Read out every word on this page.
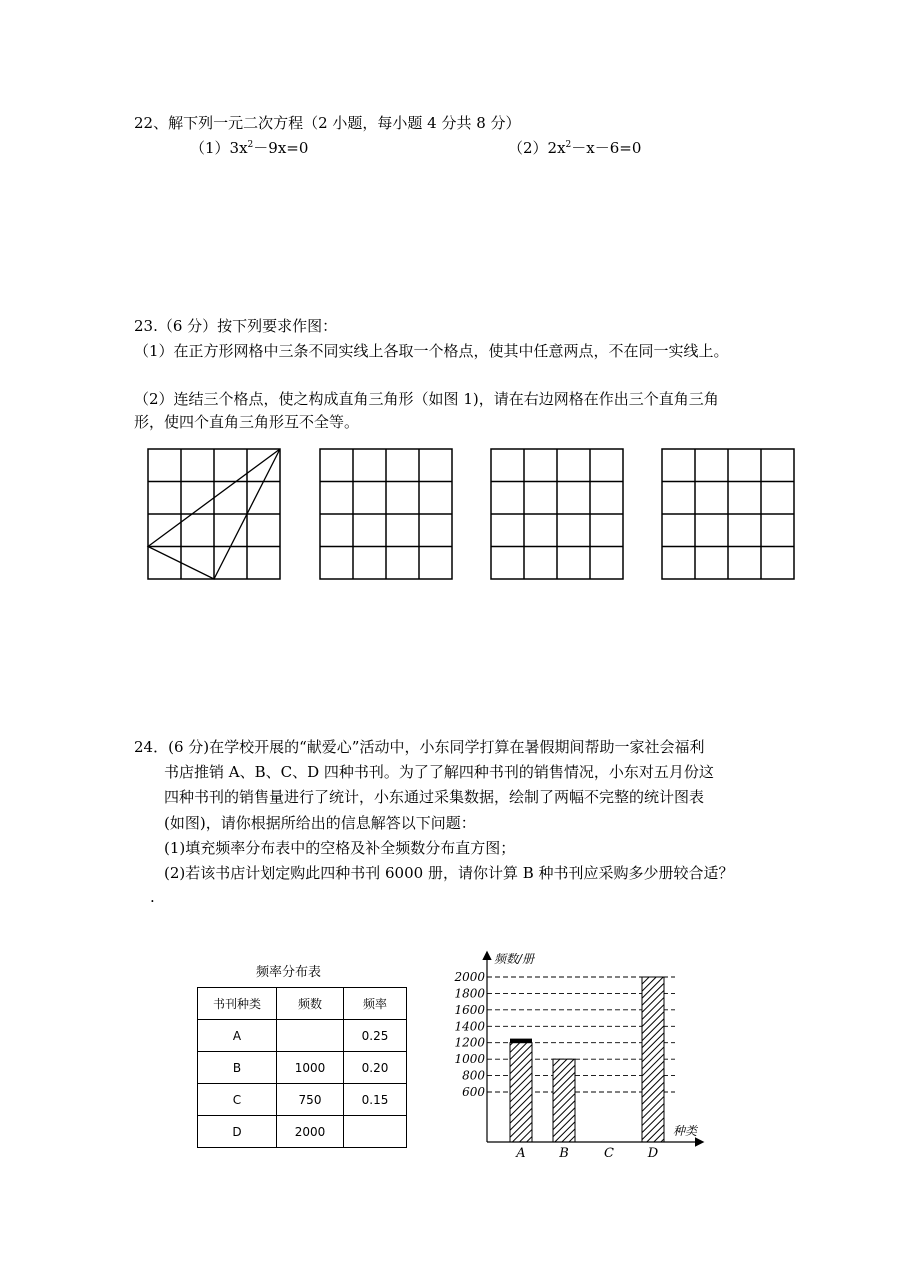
22、解下列一元二次方程（2 小题，每小题 4 分共 8 分）
$(1)3x^2-9x=0$	$(2)2x^2-x-6=0$
23.（6 分）按下列要求作图：
（1）在正方形网格中三条不同实线上各取一个格点，使其中任意两点，不在同一实线上。
（2）连结三个格点，使之构成直角三角形（如图 1)，请在右边网格在作出三个直角三角
形，使四个直角三角形互不全等。
24．(6 分)在学校开展的“献爱心”活动中，小东同学打算在暑假期间帮助一家社会福利
书店推销 A、B、C、D 四种书刊。为了了解四种书刊的销售情况，小东对五月份这
四种书刊的销售量进行了统计，小东通过采集数据，绘制了两幅不完整的统计图表
(如图)，请你根据所给出的信息解答以下问题：
(1)填充频率分布表中的空格及补全频数分布直方图；
(2)若该书店计划定购此四种书刊 6000 册，请你计算 B 种书刊应采购多少册较合适？
.
频率分布表
书刊种类	频数	频率
A		0.25
B	1000	0.20
C	750	0.15
D	2000	
频数/册
种类
600
800
1000
1200
1400
1600
1800
2000
A	B	C	D
